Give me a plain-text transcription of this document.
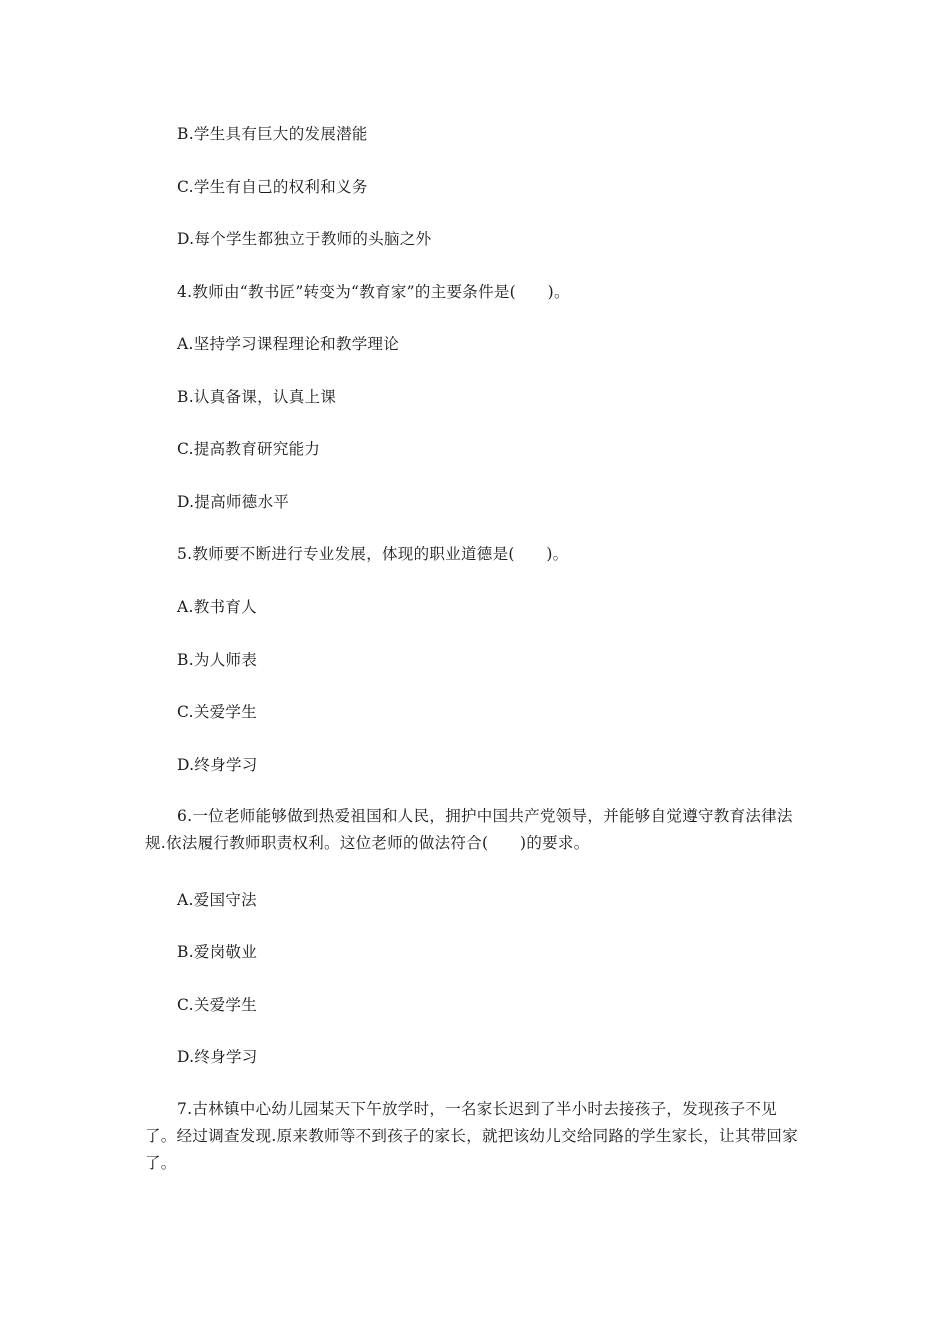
B.学生具有巨大的发展潜能
C.学生有自己的权利和义务
D.每个学生都独立于教师的头脑之外
4.教师由“教书匠”转变为“教育家”的主要条件是(　　)。
A.坚持学习课程理论和教学理论
B.认真备课，认真上课
C.提高教育研究能力
D.提高师德水平
5.教师要不断进行专业发展，体现的职业道德是(　　)。
A.教书育人
B.为人师表
C.关爱学生
D.终身学习
6.一位老师能够做到热爱祖国和人民，拥护中国共产党领导，并能够自觉遵守教育法律法规.依法履行教师职责权利。这位老师的做法符合(　　)的要求。
A.爱国守法
B.爱岗敬业
C.关爱学生
D.终身学习
7.古林镇中心幼儿园某天下午放学时，一名家长迟到了半小时去接孩子，发现孩子不见了。经过调查发现.原来教师等不到孩子的家长，就把该幼儿交给同路的学生家长，让其带回家了。
